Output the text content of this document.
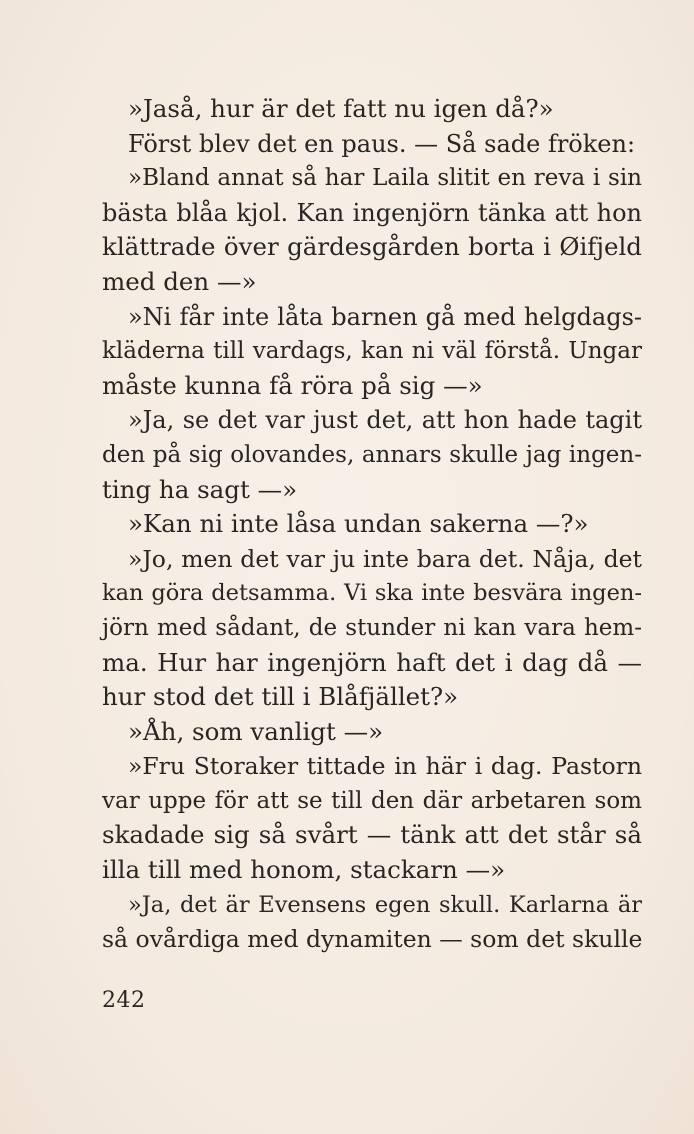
»Jaså, hur är det fatt nu igen då?»
Först blev det en paus. — Så sade fröken:
»Bland annat så har Laila slitit en reva i sin
bästa blåa kjol. Kan ingenjörn tänka att hon
klättrade över gärdesgården borta i Øifjeld
med den —»
»Ni får inte låta barnen gå med helgdags-
kläderna till vardags, kan ni väl förstå. Ungar
måste kunna få röra på sig —»
»Ja, se det var just det, att hon hade tagit
den på sig olovandes, annars skulle jag ingen-
ting ha sagt —»
»Kan ni inte låsa undan sakerna —?»
»Jo, men det var ju inte bara det. Nåja, det
kan göra detsamma. Vi ska inte besvära ingen-
jörn med sådant, de stunder ni kan vara hem-
ma. Hur har ingenjörn haft det i dag då —
hur stod det till i Blåfjället?»
»Åh, som vanligt —»
»Fru Storaker tittade in här i dag. Pastorn
var uppe för att se till den där arbetaren som
skadade sig så svårt — tänk att det står så
illa till med honom, stackarn —»
»Ja, det är Evensens egen skull. Karlarna är
så ovårdiga med dynamiten — som det skulle
242
